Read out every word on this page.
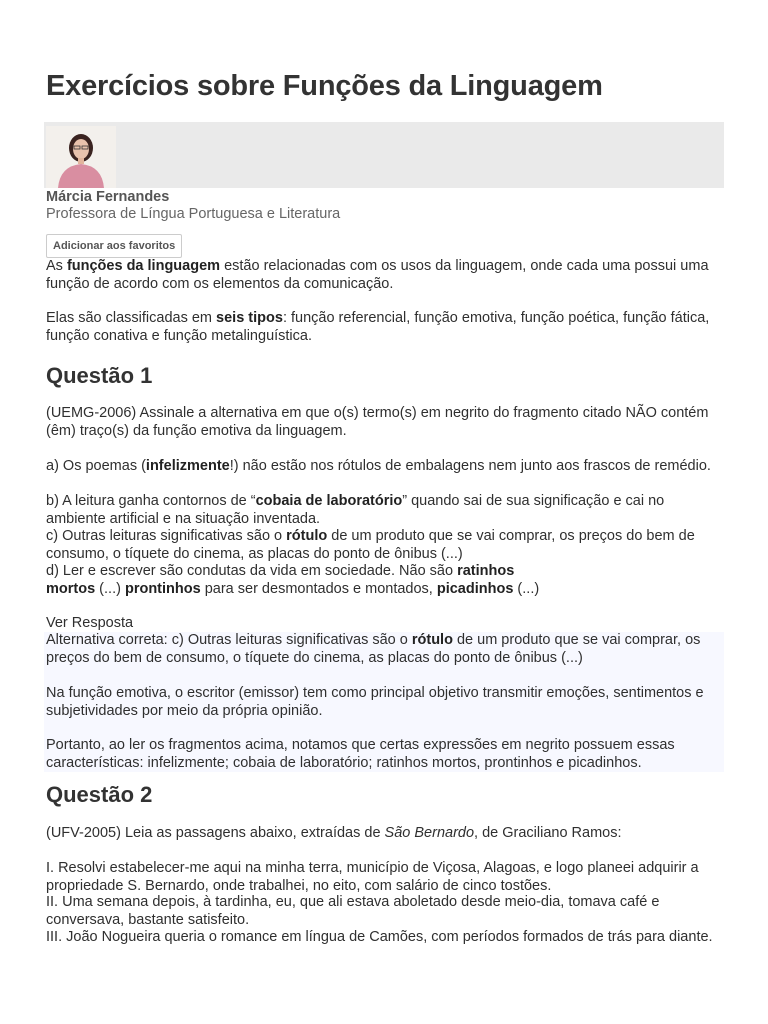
Exercícios sobre Funções da Linguagem
Márcia Fernandes
Professora de Língua Portuguesa e Literatura
Adicionar aos favoritos
As funções da linguagem estão relacionadas com os usos da linguagem, onde cada uma possui uma função de acordo com os elementos da comunicação.
Elas são classificadas em seis tipos: função referencial, função emotiva, função poética, função fática, função conativa e função metalinguística.
Questão 1
(UEMG-2006) Assinale a alternativa em que o(s) termo(s) em negrito do fragmento citado NÃO contém (êm) traço(s) da função emotiva da linguagem.
a) Os poemas (infelizmente!) não estão nos rótulos de embalagens nem junto aos frascos de remédio.
b) A leitura ganha contornos de “cobaia de laboratório” quando sai de sua significação e cai no ambiente artificial e na situação inventada.
c) Outras leituras significativas são o rótulo de um produto que se vai comprar, os preços do bem de consumo, o tíquete do cinema, as placas do ponto de ônibus (...)
d) Ler e escrever são condutas da vida em sociedade. Não são ratinhos mortos (...) prontinhos para ser desmontados e montados, picadinhos (...)
Ver Resposta
Alternativa correta: c) Outras leituras significativas são o rótulo de um produto que se vai comprar, os preços do bem de consumo, o tíquete do cinema, as placas do ponto de ônibus (...)
Na função emotiva, o escritor (emissor) tem como principal objetivo transmitir emoções, sentimentos e subjetividades por meio da própria opinião.
Portanto, ao ler os fragmentos acima, notamos que certas expressões em negrito possuem essas características: infelizmente; cobaia de laboratório; ratinhos mortos, prontinhos e picadinhos.
Questão 2
(UFV-2005) Leia as passagens abaixo, extraídas de São Bernardo, de Graciliano Ramos:
I. Resolvi estabelecer-me aqui na minha terra, município de Viçosa, Alagoas, e logo planeei adquirir a propriedade S. Bernardo, onde trabalhei, no eito, com salário de cinco tostões.
II. Uma semana depois, à tardinha, eu, que ali estava aboletado desde meio-dia, tomava café e conversava, bastante satisfeito.
III. João Nogueira queria o romance em língua de Camões, com períodos formados de trás para diante.
